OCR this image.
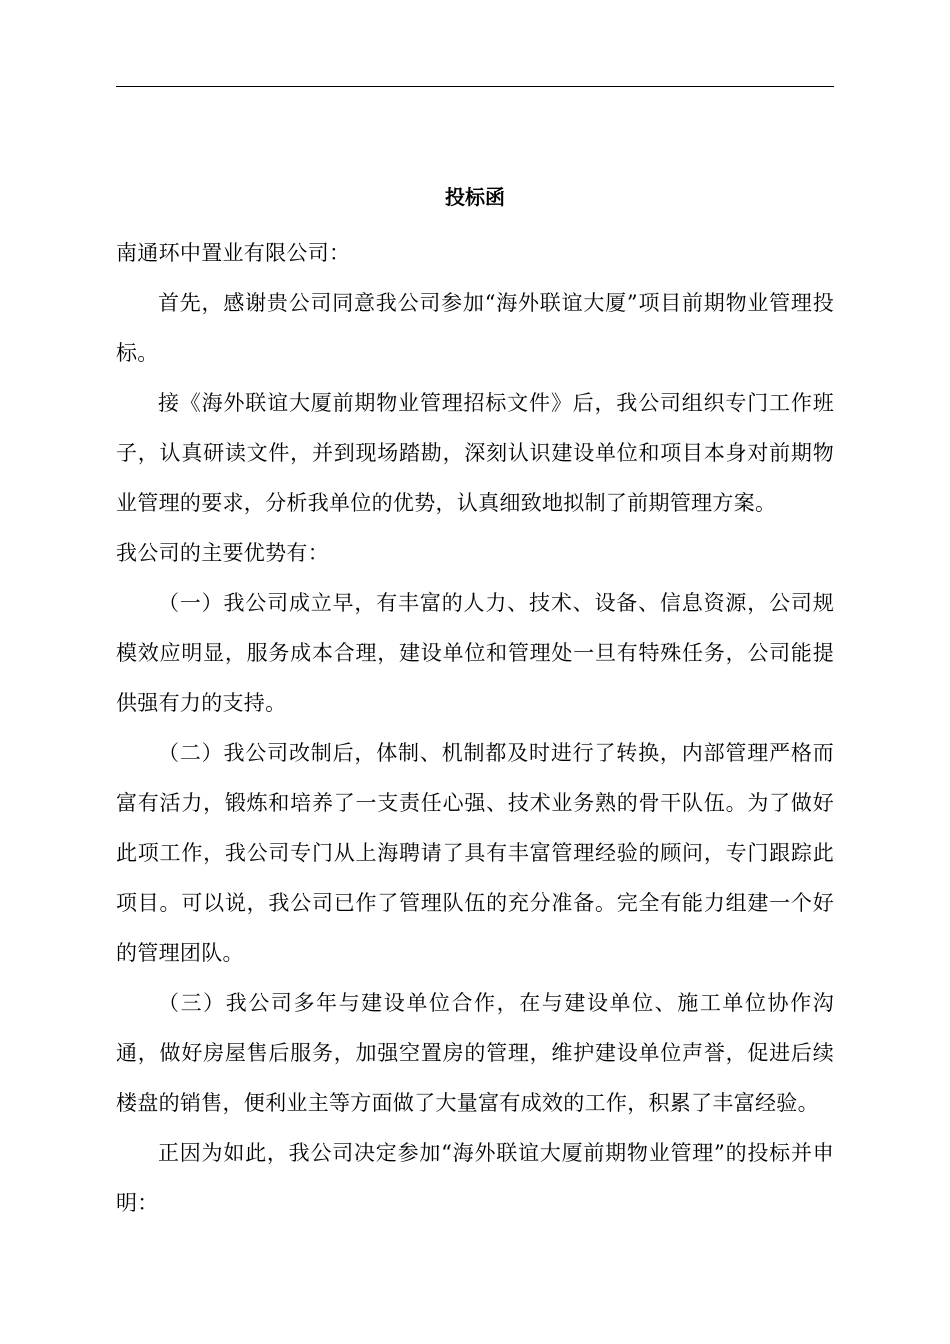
投标函

南通环中置业有限公司：

首先，感谢贵公司同意我公司参加“海外联谊大厦”项目前期物业管理投标。

接《海外联谊大厦前期物业管理招标文件》后，我公司组织专门工作班子，认真研读文件，并到现场踏勘，深刻认识建设单位和项目本身对前期物业管理的要求，分析我单位的优势，认真细致地拟制了前期管理方案。

我公司的主要优势有：

（一）我公司成立早，有丰富的人力、技术、设备、信息资源，公司规模效应明显，服务成本合理，建设单位和管理处一旦有特殊任务，公司能提供强有力的支持。

（二）我公司改制后，体制、机制都及时进行了转换，内部管理严格而富有活力，锻炼和培养了一支责任心强、技术业务熟的骨干队伍。为了做好此项工作，我公司专门从上海聘请了具有丰富管理经验的顾问，专门跟踪此项目。可以说，我公司已作了管理队伍的充分准备。完全有能力组建一个好的管理团队。

（三）我公司多年与建设单位合作，在与建设单位、施工单位协作沟通，做好房屋售后服务，加强空置房的管理，维护建设单位声誉，促进后续楼盘的销售，便利业主等方面做了大量富有成效的工作，积累了丰富经验。

正因为如此，我公司决定参加“海外联谊大厦前期物业管理”的投标并申明：
